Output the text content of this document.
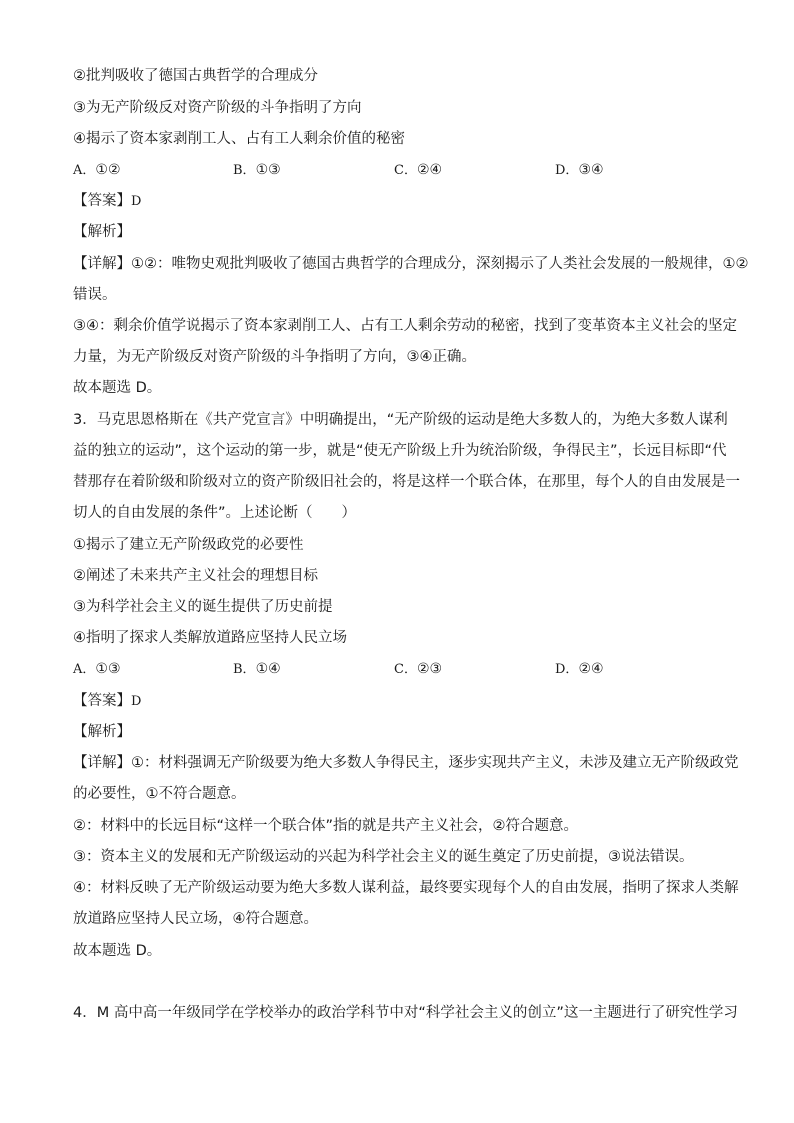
②批判吸收了德国古典哲学的合理成分
③为无产阶级反对资产阶级的斗争指明了方向
④揭示了资本家剥削工人、占有工人剩余价值的秘密
A．①②	B．①③	C．②④	D．③④
【答案】D
【解析】
【详解】①②：唯物史观批判吸收了德国古典哲学的合理成分，深刻揭示了人类社会发展的一般规律，①②
错误。
③④：剩余价值学说揭示了资本家剥削工人、占有工人剩余劳动的秘密，找到了变革资本主义社会的坚定
力量，为无产阶级反对资产阶级的斗争指明了方向，③④正确。
故本题选 D。
3．马克思恩格斯在《共产党宣言》中明确提出，“无产阶级的运动是绝大多数人的，为绝大多数人谋利
益的独立的运动”，这个运动的第一步，就是“使无产阶级上升为统治阶级，争得民主”，长远目标即“代
替那存在着阶级和阶级对立的资产阶级旧社会的，将是这样一个联合体，在那里，每个人的自由发展是一
切人的自由发展的条件”。上述论断（　　）
①揭示了建立无产阶级政党的必要性
②阐述了未来共产主义社会的理想目标
③为科学社会主义的诞生提供了历史前提
④指明了探求人类解放道路应坚持人民立场
A．①③	B．①④	C．②③	D．②④
【答案】D
【解析】
【详解】①：材料强调无产阶级要为绝大多数人争得民主，逐步实现共产主义，未涉及建立无产阶级政党
的必要性，①不符合题意。
②：材料中的长远目标“这样一个联合体”指的就是共产主义社会，②符合题意。
③：资本主义的发展和无产阶级运动的兴起为科学社会主义的诞生奠定了历史前提，③说法错误。
④：材料反映了无产阶级运动要为绝大多数人谋利益，最终要实现每个人的自由发展，指明了探求人类解
放道路应坚持人民立场，④符合题意。
故本题选 D。
4．M 高中高一年级同学在学校举办的政治学科节中对“科学社会主义的创立”这一主题进行了研究性学习
